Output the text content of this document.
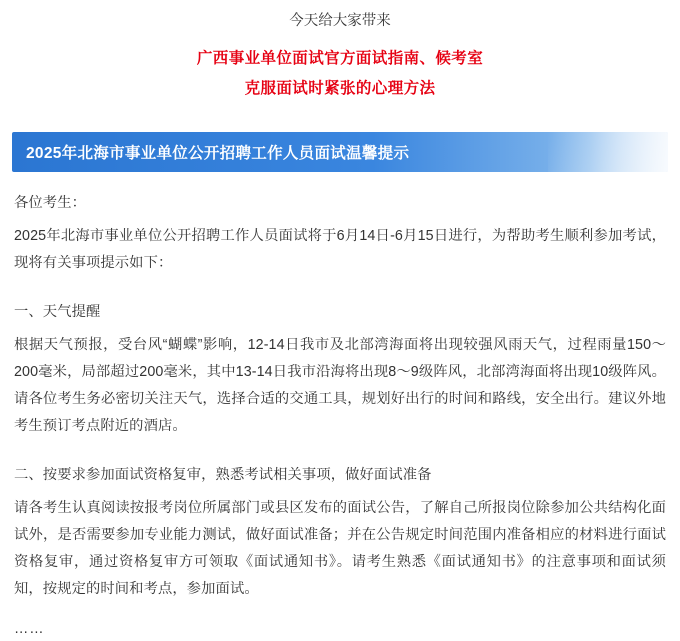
今天给大家带来

广西事业单位面试官方面试指南、候考室

克服面试时紧张的心理方法

2025年北海市事业单位公开招聘工作人员面试温馨提示

各位考生：

2025年北海市事业单位公开招聘工作人员面试将于6月14日-6月15日进行，为帮助考生顺利参加考试，现将有关事项提示如下：

一、天气提醒

根据天气预报，受台风“蝴蝶”影响，12-14日我市及北部湾海面将出现较强风雨天气，过程雨量150～200毫米，局部超过200毫米，其中13-14日我市沿海将出现8～9级阵风，北部湾海面将出现10级阵风。请各位考生务必密切关注天气，选择合适的交通工具，规划好出行的时间和路线，安全出行。建议外地考生预订考点附近的酒店。

二、按要求参加面试资格复审，熟悉考试相关事项，做好面试准备

请各考生认真阅读按报考岗位所属部门或县区发布的面试公告，了解自己所报岗位除参加公共结构化面试外，是否需要参加专业能力测试，做好面试准备；并在公告规定时间范围内准备相应的材料进行面试资格复审，通过资格复审方可领取《面试通知书》。请考生熟悉《面试通知书》的注意事项和面试须知，按规定的时间和考点，参加面试。

……
